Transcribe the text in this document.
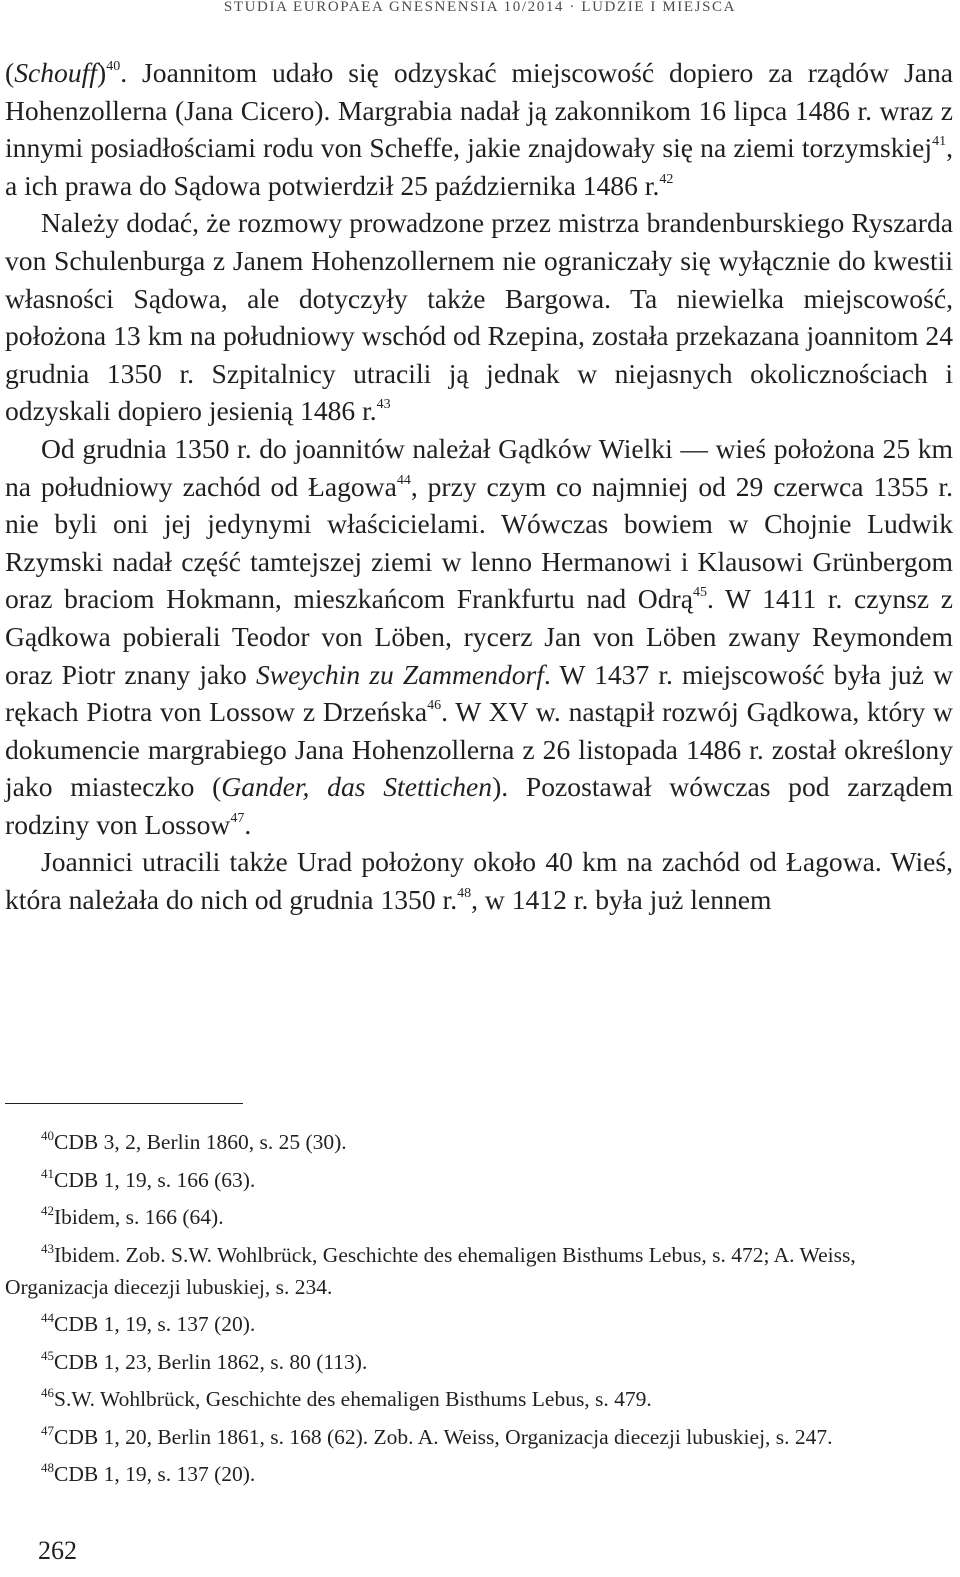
STUDIA EUROPAEA GNESNENSIA 10/2014 · LUDZIE I MIEJSCA

(Schouff)$^{40}$. Joannitom udało się odzyskać miejscowość dopiero za rządów Jana Hohenzollerna (Jana Cicero). Margrabia nadał ją zakonnikom 16 lipca 1486 r. wraz z innymi posiadłościami rodu von Scheffe, jakie znajdowały się na ziemi torzymskiej$^{41}$, a ich prawa do Sądowa potwierdził 25 października 1486 r.$^{42}$

Należy dodać, że rozmowy prowadzone przez mistrza brandenburskiego Ryszarda von Schulenburga z Janem Hohenzollernem nie ograniczały się wyłącznie do kwestii własności Sądowa, ale dotyczyły także Bargowa. Ta niewielka miejscowość, położona 13 km na południowy wschód od Rzepina, została przekazana joannitom 24 grudnia 1350 r. Szpitalnicy utracili ją jednak w niejasnych okolicznościach i odzyskali dopiero jesienią 1486 r.$^{43}$

Od grudnia 1350 r. do joannitów należał Gądków Wielki — wieś położona 25 km na południowy zachód od Łagowa$^{44}$, przy czym co najmniej od 29 czerwca 1355 r. nie byli oni jej jedynymi właścicielami. Wówczas bowiem w Chojnie Ludwik Rzymski nadał część tamtejszej ziemi w lenno Hermanowi i Klausowi Grünbergom oraz braciom Hokmann, mieszkańcom Frankfurtu nad Odrą$^{45}$. W 1411 r. czynsz z Gądkowa pobierali Teodor von Löben, rycerz Jan von Löben zwany Reymondem oraz Piotr znany jako Sweychin zu Zammendorf. W 1437 r. miejscowość była już w rękach Piotra von Lossow z Drzeńska$^{46}$. W XV w. nastąpił rozwój Gądkowa, który w dokumencie margrabiego Jana Hohenzollerna z 26 listopada 1486 r. został określony jako miasteczko (Gander, das Stettichen). Pozostawał wówczas pod zarządem rodziny von Lossow$^{47}$.

Joannici utracili także Urad położony około 40 km na zachód od Łagowa. Wieś, która należała do nich od grudnia 1350 r.$^{48}$, w 1412 r. była już lennem

$^{40}$CDB 3, 2, Berlin 1860, s. 25 (30).

$^{41}$CDB 1, 19, s. 166 (63).

$^{42}$Ibidem, s. 166 (64).

$^{43}$Ibidem. Zob. S.W. Wohlbrück, Geschichte des ehemaligen Bisthums Lebus, s. 472; A. Weiss, Organizacja diecezji lubuskiej, s. 234.

$^{44}$CDB 1, 19, s. 137 (20).

$^{45}$CDB 1, 23, Berlin 1862, s. 80 (113).

$^{46}$S.W. Wohlbrück, Geschichte des ehemaligen Bisthums Lebus, s. 479.

$^{47}$CDB 1, 20, Berlin 1861, s. 168 (62). Zob. A. Weiss, Organizacja diecezji lubuskiej, s. 247.

$^{48}$CDB 1, 19, s. 137 (20).

262
